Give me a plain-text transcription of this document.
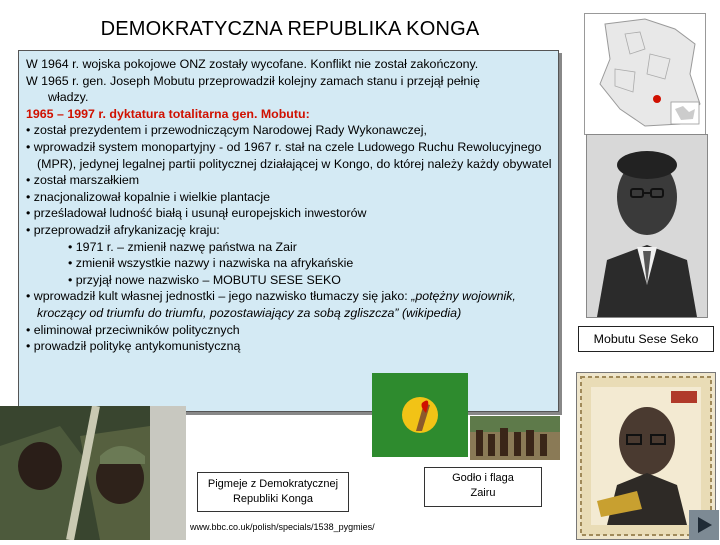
DEMOKRATYCZNA REPUBLIKA KONGA

W 1964 r. wojska pokojowe ONZ zostały wycofane. Konflikt nie został zakończony.

W 1965 r. gen. Joseph Mobutu przeprowadził kolejny zamach stanu i przejął pełnię

władzy.

1965 – 1997 r. dyktatura totalitarna gen. Mobutu:

• został prezydentem i przewodniczącym Narodowej Rady Wykonawczej,

• wprowadził system monopartyjny - od 1967 r. stał na czele Ludowego Ruchu Rewolucyjnego (MPR), jedynej legalnej partii politycznej działającej w Kongo, do której należy każdy obywatel

• został marszałkiem

• znacjonalizował kopalnie i wielkie plantacje

• prześladował ludność białą i usunął europejskich inwestorów

• przeprowadził afrykanizację kraju:

• 1971 r. – zmienił nazwę państwa na Zair

• zmienił wszystkie nazwy i nazwiska na afrykańskie

• przyjął nowe nazwisko – MOBUTU SESE SEKO

• wprowadził kult własnej jednostki – jego nazwisko tłumaczy się jako: „potężny wojownik, kroczący od triumfu do triumfu, pozostawiający za sobą zgliszcza” (wikipedia)

• eliminował przeciwników politycznych

• prowadził politykę antykomunistyczną

Mobutu Sese Seko
Pigmeje z Demokratycznej
Republiki Konga
Godło i flaga
Zairu
www.bbc.co.uk/polish/specials/1538_pygmies/
